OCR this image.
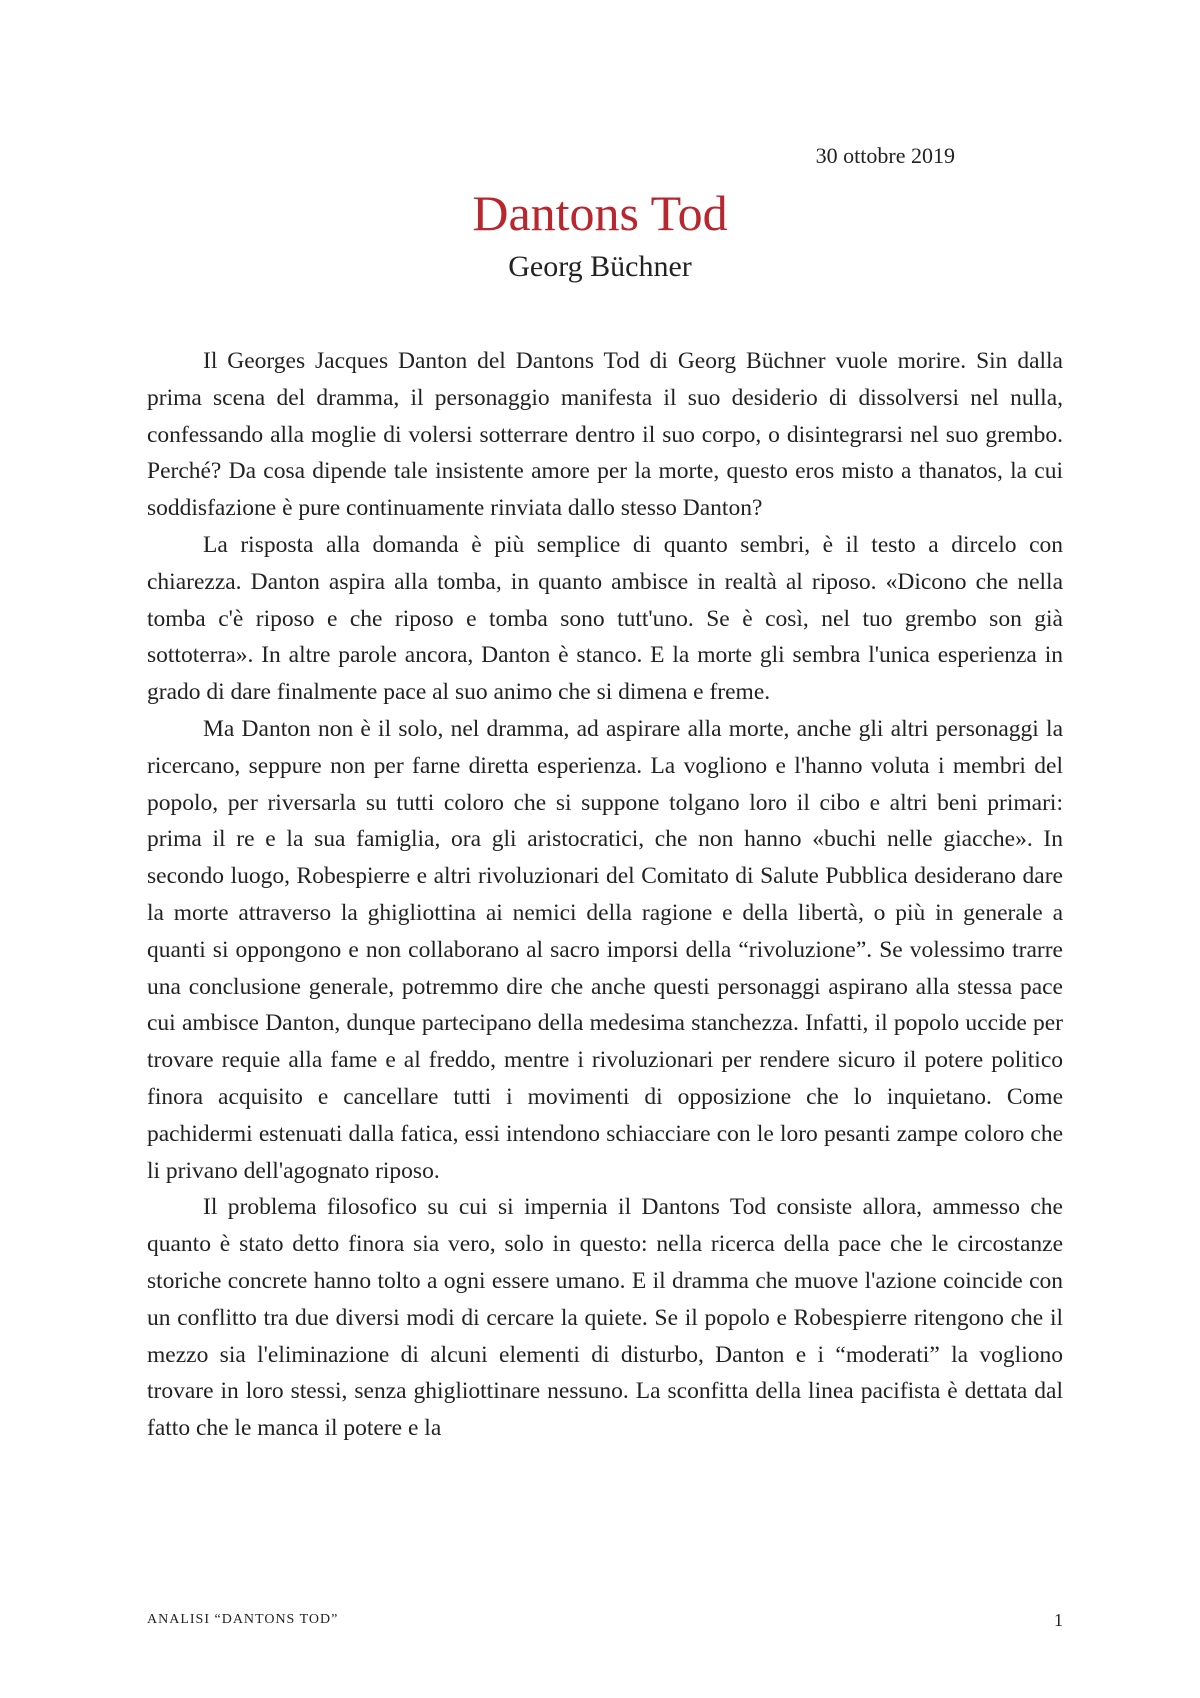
30 ottobre 2019
Dantons Tod
Georg Büchner

Il Georges Jacques Danton del Dantons Tod di Georg Büchner vuole morire. Sin dalla prima scena del dramma, il personaggio manifesta il suo desiderio di dissolversi nel nulla, confessando alla moglie di volersi sotterrare dentro il suo corpo, o disintegrarsi nel suo grembo. Perché? Da cosa dipende tale insistente amore per la morte, questo eros misto a thanatos, la cui soddisfazione è pure continuamente rinviata dallo stesso Danton?

La risposta alla domanda è più semplice di quanto sembri, è il testo a dircelo con chiarezza. Danton aspira alla tomba, in quanto ambisce in realtà al riposo. «Dicono che nella tomba c'è riposo e che riposo e tomba sono tutt'uno. Se è così, nel tuo grembo son già sottoterra». In altre parole ancora, Danton è stanco. E la morte gli sembra l'unica esperienza in grado di dare finalmente pace al suo animo che si dimena e freme.

Ma Danton non è il solo, nel dramma, ad aspirare alla morte, anche gli altri personaggi la ricercano, seppure non per farne diretta esperienza. La vogliono e l'hanno voluta i membri del popolo, per riversarla su tutti coloro che si suppone tolgano loro il cibo e altri beni primari: prima il re e la sua famiglia, ora gli aristocratici, che non hanno «buchi nelle giacche». In secondo luogo, Robespierre e altri rivoluzionari del Comitato di Salute Pubblica desiderano dare la morte attraverso la ghigliottina ai nemici della ragione e della libertà, o più in generale a quanti si oppongono e non collaborano al sacro imporsi della “rivoluzione”. Se volessimo trarre una conclusione generale, potremmo dire che anche questi personaggi aspirano alla stessa pace cui ambisce Danton, dunque partecipano della medesima stanchezza. Infatti, il popolo uccide per trovare requie alla fame e al freddo, mentre i rivoluzionari per rendere sicuro il potere politico finora acquisito e cancellare tutti i movimenti di opposizione che lo inquietano. Come pachidermi estenuati dalla fatica, essi intendono schiacciare con le loro pesanti zampe coloro che li privano dell'agognato riposo.

Il problema filosofico su cui si impernia il Dantons Tod consiste allora, ammesso che quanto è stato detto finora sia vero, solo in questo: nella ricerca della pace che le circostanze storiche concrete hanno tolto a ogni essere umano. E il dramma che muove l'azione coincide con un conflitto tra due diversi modi di cercare la quiete. Se il popolo e Robespierre ritengono che il mezzo sia l'eliminazione di alcuni elementi di disturbo, Danton e i “moderati” la vogliono trovare in loro stessi, senza ghigliottinare nessuno. La sconfitta della linea pacifista è dettata dal fatto che le manca il potere e la

ANALISI “DANTONS TOD”	1
